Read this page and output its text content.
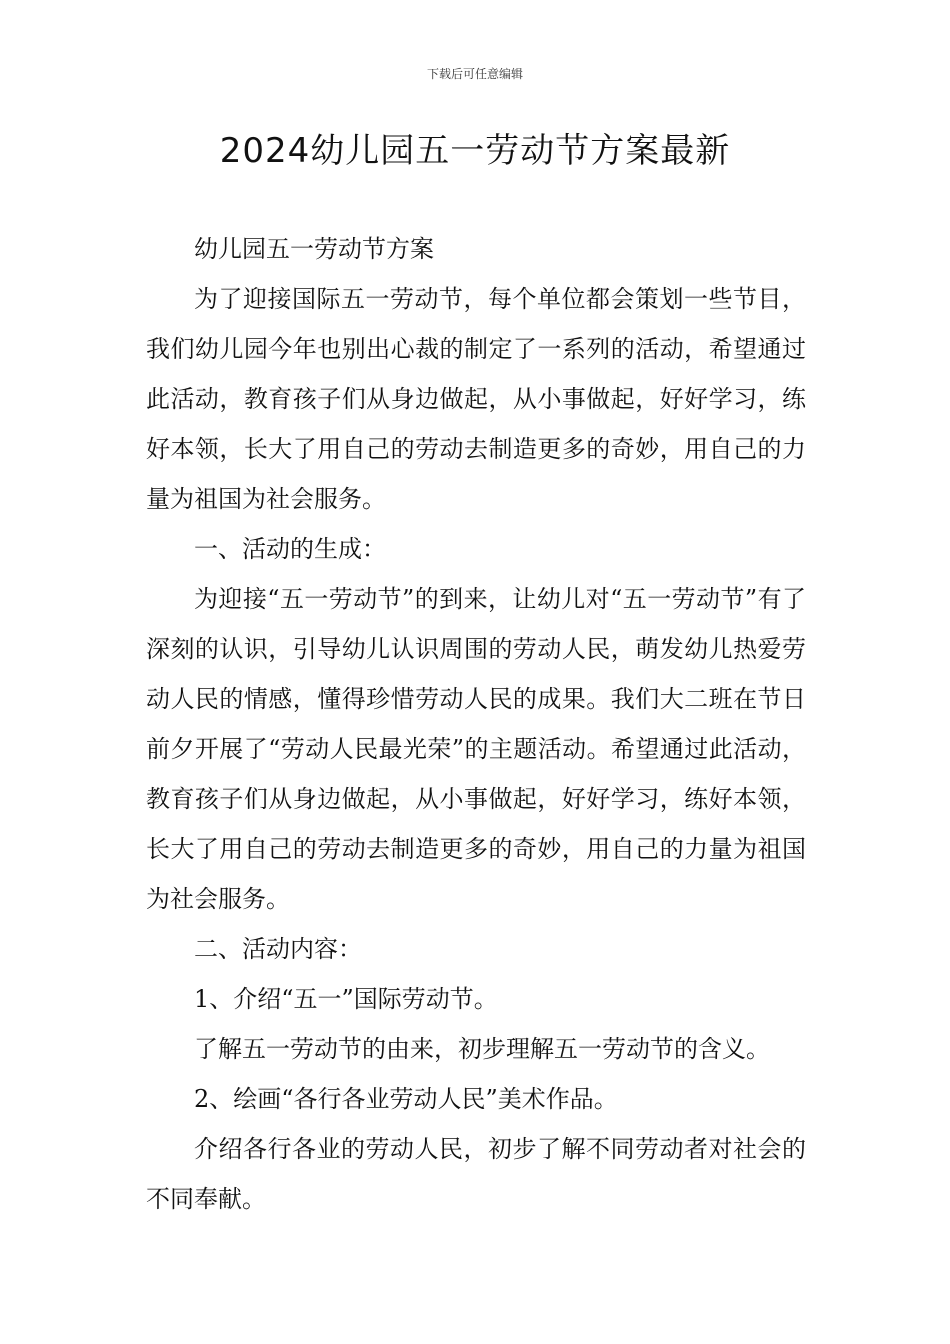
下载后可任意编辑
2024幼儿园五一劳动节方案最新

幼儿园五一劳动节方案

为了迎接国际五一劳动节，每个单位都会策划一些节目，我们幼儿园今年也别出心裁的制定了一系列的活动，希望通过此活动，教育孩子们从身边做起，从小事做起，好好学习，练好本领，长大了用自己的劳动去制造更多的奇妙，用自己的力量为祖国为社会服务。

一、活动的生成：

为迎接“五一劳动节”的到来，让幼儿对“五一劳动节”有了深刻的认识，引导幼儿认识周围的劳动人民，萌发幼儿热爱劳动人民的情感，懂得珍惜劳动人民的成果。我们大二班在节日前夕开展了“劳动人民最光荣”的主题活动。希望通过此活动，教育孩子们从身边做起，从小事做起，好好学习，练好本领，长大了用自己的劳动去制造更多的奇妙，用自己的力量为祖国为社会服务。

二、活动内容：

1、介绍“五一”国际劳动节。

了解五一劳动节的由来，初步理解五一劳动节的含义。

2、绘画“各行各业劳动人民”美术作品。

介绍各行各业的劳动人民，初步了解不同劳动者对社会的不同奉献。
